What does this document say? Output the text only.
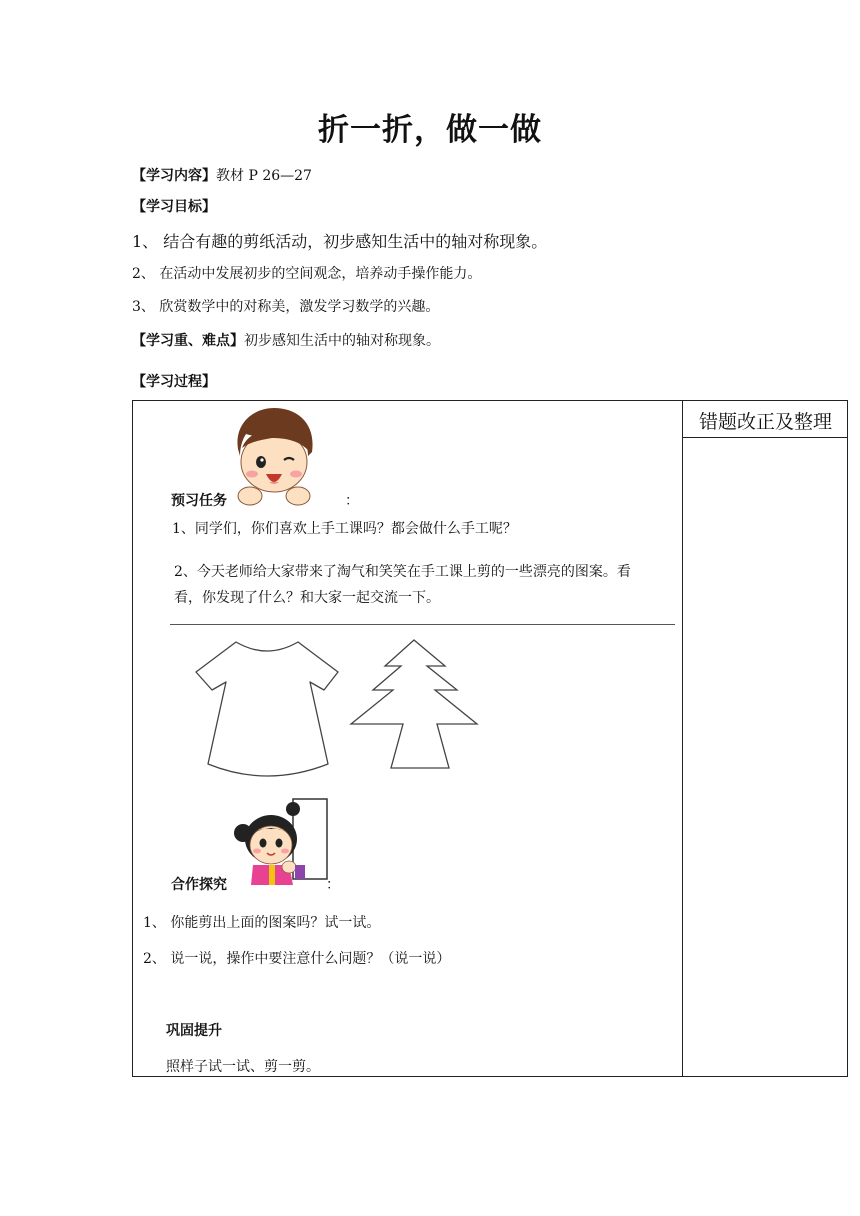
折一折，做一做
【学习内容】教材 P 26—27
【学习目标】
1、 结合有趣的剪纸活动，初步感知生活中的轴对称现象。
2、 在活动中发展初步的空间观念，培养动手操作能力。
3、 欣赏数学中的对称美，激发学习数学的兴趣。
【学习重、难点】初步感知生活中的轴对称现象。
【学习过程】
错题改正及整理
预习任务	：
1、同学们，你们喜欢上手工课吗？都会做什么手工呢？
2、今天老师给大家带来了淘气和笑笑在手工课上剪的一些漂亮的图案。看
看，你发现了什么？和大家一起交流一下。
合作探究	：
1、 你能剪出上面的图案吗？试一试。
2、 说一说，操作中要注意什么问题？（说一说）
巩固提升
照样子试一试、剪一剪。
